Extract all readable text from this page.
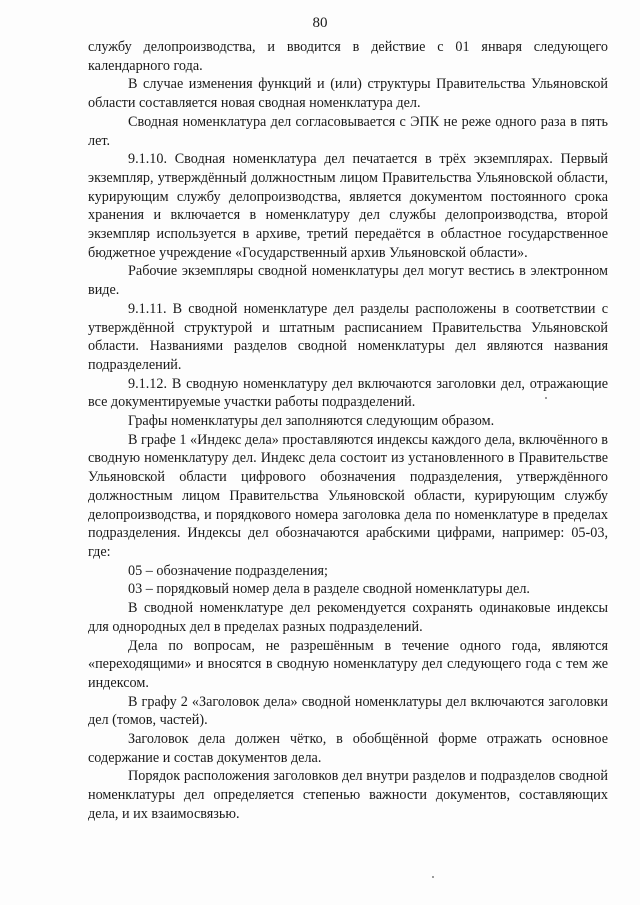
80

службу делопроизводства, и вводится в действие с 01 января следующего календарного года.

В случае изменения функций и (или) структуры Правительства Ульяновской области составляется новая сводная номенклатура дел.

Сводная номенклатура дел согласовывается с ЭПК не реже одного раза в пять лет.

9.1.10. Сводная номенклатура дел печатается в трёх экземплярах. Первый экземпляр, утверждённый должностным лицом Правительства Ульяновской области, курирующим службу делопроизводства, является документом постоянного срока хранения и включается в номенклатуру дел службы делопроизводства, второй экземпляр используется в архиве, третий передаётся в областное государственное бюджетное учреждение «Государственный архив Ульяновской области».

Рабочие экземпляры сводной номенклатуры дел могут вестись в электронном виде.

9.1.11. В сводной номенклатуре дел разделы расположены в соответствии с утверждённой структурой и штатным расписанием Правительства Ульяновской области. Названиями разделов сводной номенклатуры дел являются названия подразделений.

9.1.12. В сводную номенклатуру дел включаются заголовки дел, отражающие все документируемые участки работы подразделений.

Графы номенклатуры дел заполняются следующим образом.

В графе 1 «Индекс дела» проставляются индексы каждого дела, включённого в сводную номенклатуру дел. Индекс дела состоит из установленного в Правительстве Ульяновской области цифрового обозначения подразделения, утверждённого должностным лицом Правительства Ульяновской области, курирующим службу делопроизводства, и порядкового номера заголовка дела по номенклатуре в пределах подразделения. Индексы дел обозначаются арабскими цифрами, например: 05-03, где:

05 – обозначение подразделения;

03 – порядковый номер дела в разделе сводной номенклатуры дел.

В сводной номенклатуре дел рекомендуется сохранять одинаковые индексы для однородных дел в пределах разных подразделений.

Дела по вопросам, не разрешённым в течение одного года, являются «переходящими» и вносятся в сводную номенклатуру дел следующего года с тем же индексом.

В графу 2 «Заголовок дела» сводной номенклатуры дел включаются заголовки дел (томов, частей).

Заголовок дела должен чётко, в обобщённой форме отражать основное содержание и состав документов дела.

Порядок расположения заголовков дел внутри разделов и подразделов сводной номенклатуры дел определяется степенью важности документов, составляющих дела, и их взаимосвязью.
